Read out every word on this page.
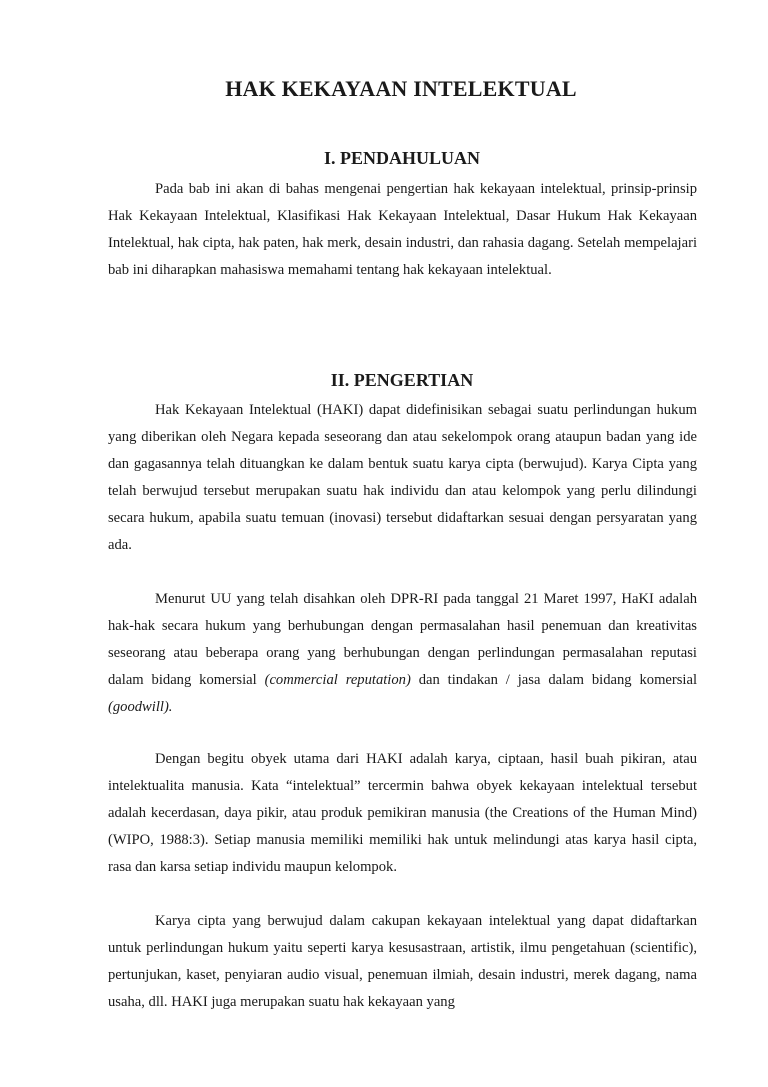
HAK KEKAYAAN INTELEKTUAL
I. PENDAHULUAN

Pada bab ini akan di bahas mengenai pengertian hak kekayaan intelektual, prinsip-prinsip Hak Kekayaan Intelektual, Klasifikasi Hak Kekayaan Intelektual, Dasar Hukum Hak Kekayaan Intelektual, hak cipta, hak paten, hak merk, desain industri, dan rahasia dagang. Setelah mempelajari bab ini diharapkan mahasiswa memahami tentang hak kekayaan intelektual.

II. PENGERTIAN

Hak Kekayaan Intelektual (HAKI) dapat didefinisikan sebagai suatu perlindungan hukum yang diberikan oleh Negara kepada seseorang dan atau sekelompok orang ataupun badan yang ide dan gagasannya telah dituangkan ke dalam bentuk suatu karya cipta (berwujud). Karya Cipta yang telah berwujud tersebut merupakan suatu hak individu dan atau kelompok yang perlu dilindungi secara hukum, apabila suatu temuan (inovasi) tersebut didaftarkan sesuai dengan persyaratan yang ada.

Menurut UU yang telah disahkan oleh DPR-RI pada tanggal 21 Maret 1997, HaKI adalah hak-hak secara hukum yang berhubungan dengan permasalahan hasil penemuan dan kreativitas seseorang atau beberapa orang yang berhubungan dengan perlindungan permasalahan reputasi dalam bidang komersial (commercial reputation) dan tindakan / jasa dalam bidang komersial (goodwill).

Dengan begitu obyek utama dari HAKI adalah karya, ciptaan, hasil buah pikiran, atau intelektualita manusia. Kata “intelektual” tercermin bahwa obyek kekayaan intelektual tersebut adalah kecerdasan, daya pikir, atau produk pemikiran manusia (the Creations of the Human Mind) (WIPO, 1988:3). Setiap manusia memiliki memiliki hak untuk melindungi atas karya hasil cipta, rasa dan karsa setiap individu maupun kelompok.

Karya cipta yang berwujud dalam cakupan kekayaan intelektual yang dapat didaftarkan untuk perlindungan hukum yaitu seperti karya kesusastraan, artistik, ilmu pengetahuan (scientific), pertunjukan, kaset, penyiaran audio visual, penemuan ilmiah, desain industri, merek dagang, nama usaha, dll. HAKI juga merupakan suatu hak kekayaan yang
